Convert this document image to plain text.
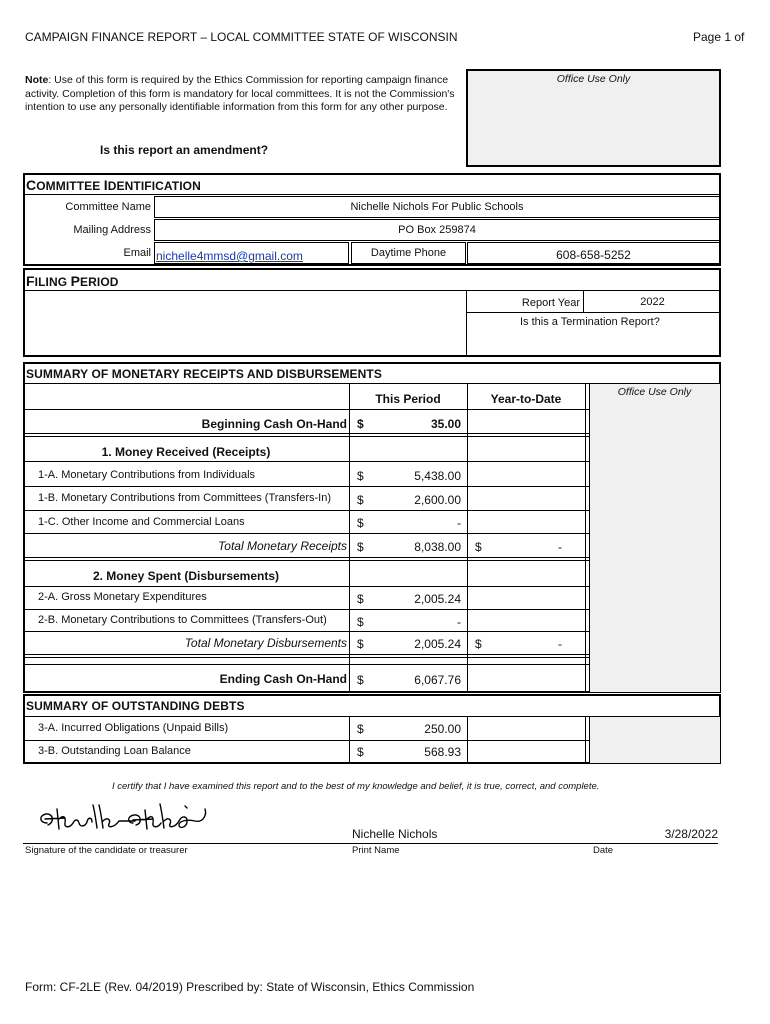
CAMPAIGN FINANCE REPORT – LOCAL COMMITTEE STATE OF WISCONSIN	Page 1 of
Note: Use of this form is required by the Ethics Commission for reporting campaign finance activity. Completion of this form is mandatory for local committees. It is not the Commission's intention to use any personally identifiable information from this form for any other purpose.
Office Use Only
Is this report an amendment?
COMMITTEE IDENTIFICATION
Committee Name	Nichelle Nichols For Public Schools
Mailing Address	PO Box 259874
Email nichelle4mmsd@gmail.com	Daytime Phone	608-658-5252
FILING PERIOD
Report Year	2022
Is this a Termination Report?
SUMMARY OF MONETARY RECEIPTS AND DISBURSEMENTS
Office Use Only
This Period	Year-to-Date
Beginning Cash On-Hand $	35.00
1. Money Received (Receipts)
1-A. Monetary Contributions from Individuals	$	5,438.00
1-B. Monetary Contributions from Committees (Transfers-In) $	2,600.00
1-C. Other Income and Commercial Loans	$	-
Total Monetary Receipts $	8,038.00 $	-
2. Money Spent (Disbursements)
2-A. Gross Monetary Expenditures	$	2,005.24
2-B. Monetary Contributions to Committees (Transfers-Out)	$	-
Total Monetary Disbursements $	2,005.24 $	-
Ending Cash On-Hand $	6,067.76
SUMMARY OF OUTSTANDING DEBTS
3-A. Incurred Obligations (Unpaid Bills)	$	250.00
3-B. Outstanding Loan Balance	$	568.93
I certify that I have examined this report and to the best of my knowledge and belief, it is true, correct, and complete.
Signature of the candidate or treasurer
Nichelle Nichols
Print Name
3/28/2022
Date
Form: CF-2LE (Rev. 04/2019) Prescribed by: State of Wisconsin, Ethics Commission
